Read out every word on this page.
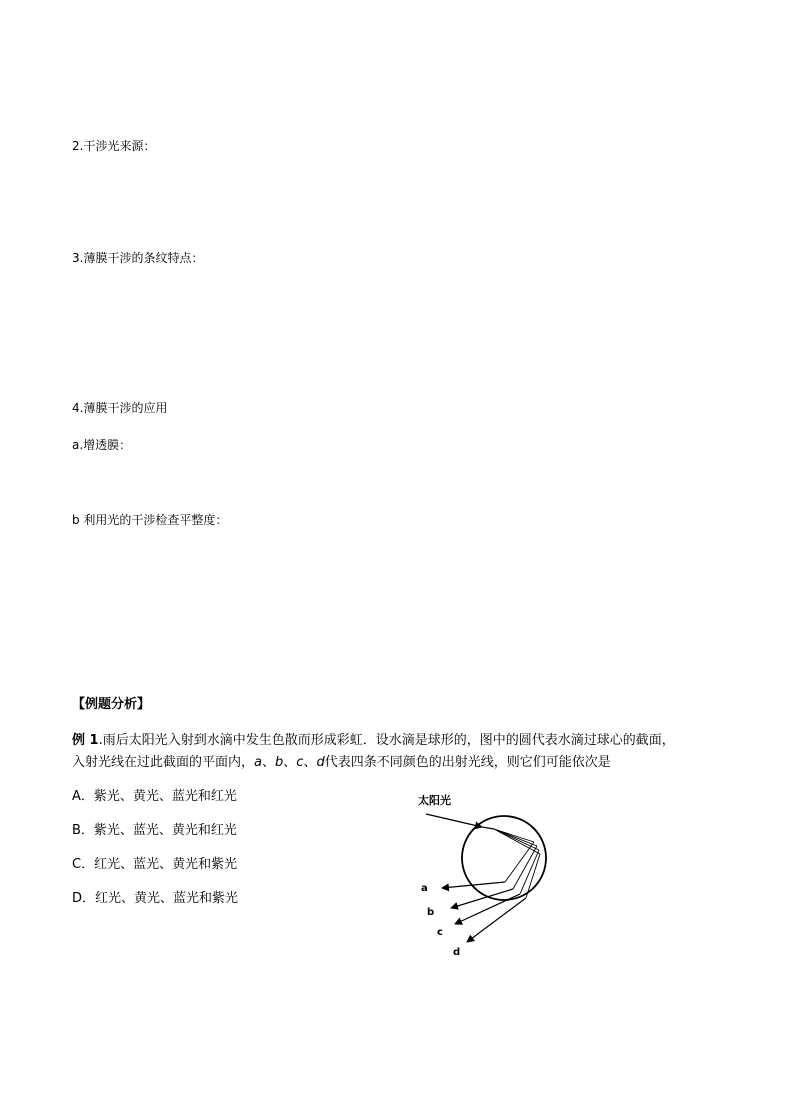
2.干涉光来源：
3.薄膜干涉的条纹特点：
4.薄膜干涉的应用
a.增透膜：
b 利用光的干涉检查平整度：
【例题分析】
例 1.雨后太阳光入射到水滴中发生色散而形成彩虹．设水滴是球形的，图中的圆代表水滴过球心的截面，
入射光线在过此截面的平面内，a、b、c、d代表四条不同颜色的出射光线，则它们可能依次是
A．紫光、黄光、蓝光和红光
B．紫光、蓝光、黄光和红光
C．红光、蓝光、黄光和紫光
D．红光、黄光、蓝光和紫光
太阳光
a
b
c
d
